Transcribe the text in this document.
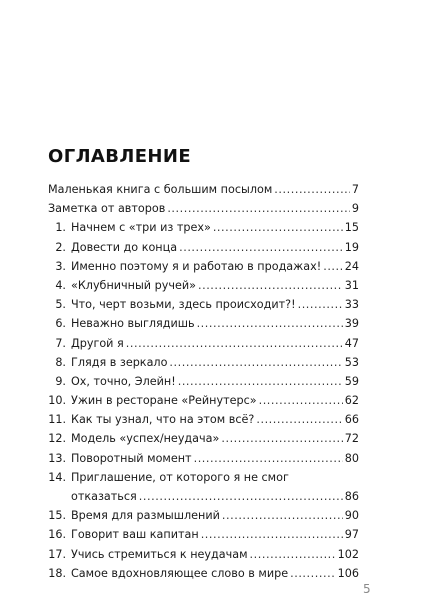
ОГЛАВЛЕНИЕ
Маленькая книга с большим посылом . . .	7
Заметка от авторов . . .	9
1. Начнем с «три из трех» . . .	15
2. Довести до конца . . .	19
3. Именно поэтому я и работаю в продажах! . . . 24
4. «Клубничный ручей» . . .	31
5. Что, черт возьми, здесь происходит?! . . .	33
6. Неважно выглядишь . . .	39
7. Другой я . . .	47
8. Глядя в зеркало . . .	53
9. Ох, точно, Элейн! . . .	59
10. Ужин в ресторане «Рейнутерс» . . .	62
11. Как ты узнал, что на этом всё? . . .	66
12. Модель «успех/неудача» . . .	72
13. Поворотный момент . . .	80
14. Приглашение, от которого я не смог
отказаться . . .	86
15. Время для размышлений . . .	90
16. Говорит ваш капитан . . .	97
17. Учись стремиться к неудачам . . .	102
18. Самое вдохновляющее слово в мире . . .	106
5
